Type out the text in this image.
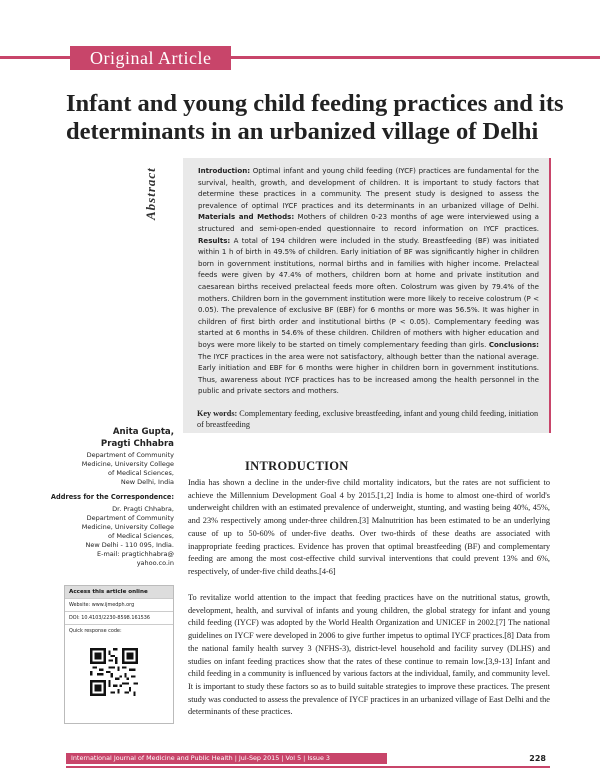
Original Article
Infant and young child feeding practices and its determinants in an urbanized village of Delhi
Abstract	Introduction: Optimal infant and young child feeding (IYCF) practices are fundamental for the survival, health, growth, and development of children. It is important to study factors that determine these practices in a community. The present study is designed to assess the prevalence of optimal IYCF practices and its determinants in an urbanized village of Delhi. Materials and Methods: Mothers of children 0-23 months of age were interviewed using a structured and semi-open-ended questionnaire to record information on IYCF practices. Results: A total of 194 children were included in the study. Breastfeeding (BF) was initiated within 1 h of birth in 49.5% of children. Early initiation of BF was significantly higher in children born in government institutions, normal births and in families with higher income. Prelacteal feeds were given by 47.4% of mothers, children born at home and private institution and caesarean births received prelacteal feeds more often. Colostrum was given by 79.4% of the mothers. Children born in the government institution were more likely to receive colostrum (P < 0.05). The prevalence of exclusive BF (EBF) for 6 months or more was 56.5%. It was higher in children of first birth order and institutional births (P < 0.05). Complementary feeding was started at 6 months in 54.6% of these children. Children of mothers with higher education and boys were more likely to be started on timely complementary feeding than girls. Conclusions: The IYCF practices in the area were not satisfactory, although better than the national average. Early initiation and EBF for 6 months were higher in children born in government institutions. Thus, awareness about IYCF practices has to be increased among the health personnel in the public and private sectors and mothers.

Key words: Complementary feeding, exclusive breastfeeding, infant and young child feeding, initiation of breastfeeding
Anita Gupta,
Pragti Chhabra
Department of Community
Medicine, University College
of Medical Sciences,
New Delhi, India
Address for the Correspondence:
Dr. Pragti Chhabra,
Department of Community
Medicine, University College
of Medical Sciences,
New Delhi - 110 095, India.
E-mail: pragtichhabra@
yahoo.co.in
Access this article online
Website: www.ijmedph.org
DOI: 10.4103/2230-8598.161536
Quick response code:
INTRODUCTION

India has shown a decline in the under-five child mortality indicators, but the rates are not sufficient to achieve the Millennium Development Goal 4 by 2015.[1,2] India is home to almost one-third of world's underweight children with an estimated prevalence of underweight, stunting, and wasting being 40%, 45%, and 23% respectively among under-three children.[3] Malnutrition has been estimated to be an underlying cause of up to 50-60% of under-five deaths. Over two-thirds of these deaths are associated with inappropriate feeding practices. Evidence has proven that optimal breastfeeding (BF) and complementary feeding are among the most cost-effective child survival interventions that could prevent 13% and 6%, respectively, of under-five child deaths.[4-6]

To revitalize world attention to the impact that feeding practices have on the nutritional status, growth, development, health, and survival of infants and young children, the global strategy for infant and young child feeding (IYCF) was adopted by the World Health Organization and UNICEF in 2002.[7] The national guidelines on IYCF were developed in 2006 to give further impetus to optimal IYCF practices.[8] Data from the national family health survey 3 (NFHS-3), district-level household and facility survey (DLHS) and studies on infant feeding practices show that the rates of these continue to remain low.[3,9-13] Infant and child feeding in a community is influenced by various factors at the individual, family, and community level. It is important to study these factors so as to build suitable strategies to improve these practices. The present study was conducted to assess the prevalence of IYCF practices in an urbanized village of East Delhi and the determinants of these practices.

International Journal of Medicine and Public Health | Jul-Sep 2015 | Vol 5 | Issue 3	228
